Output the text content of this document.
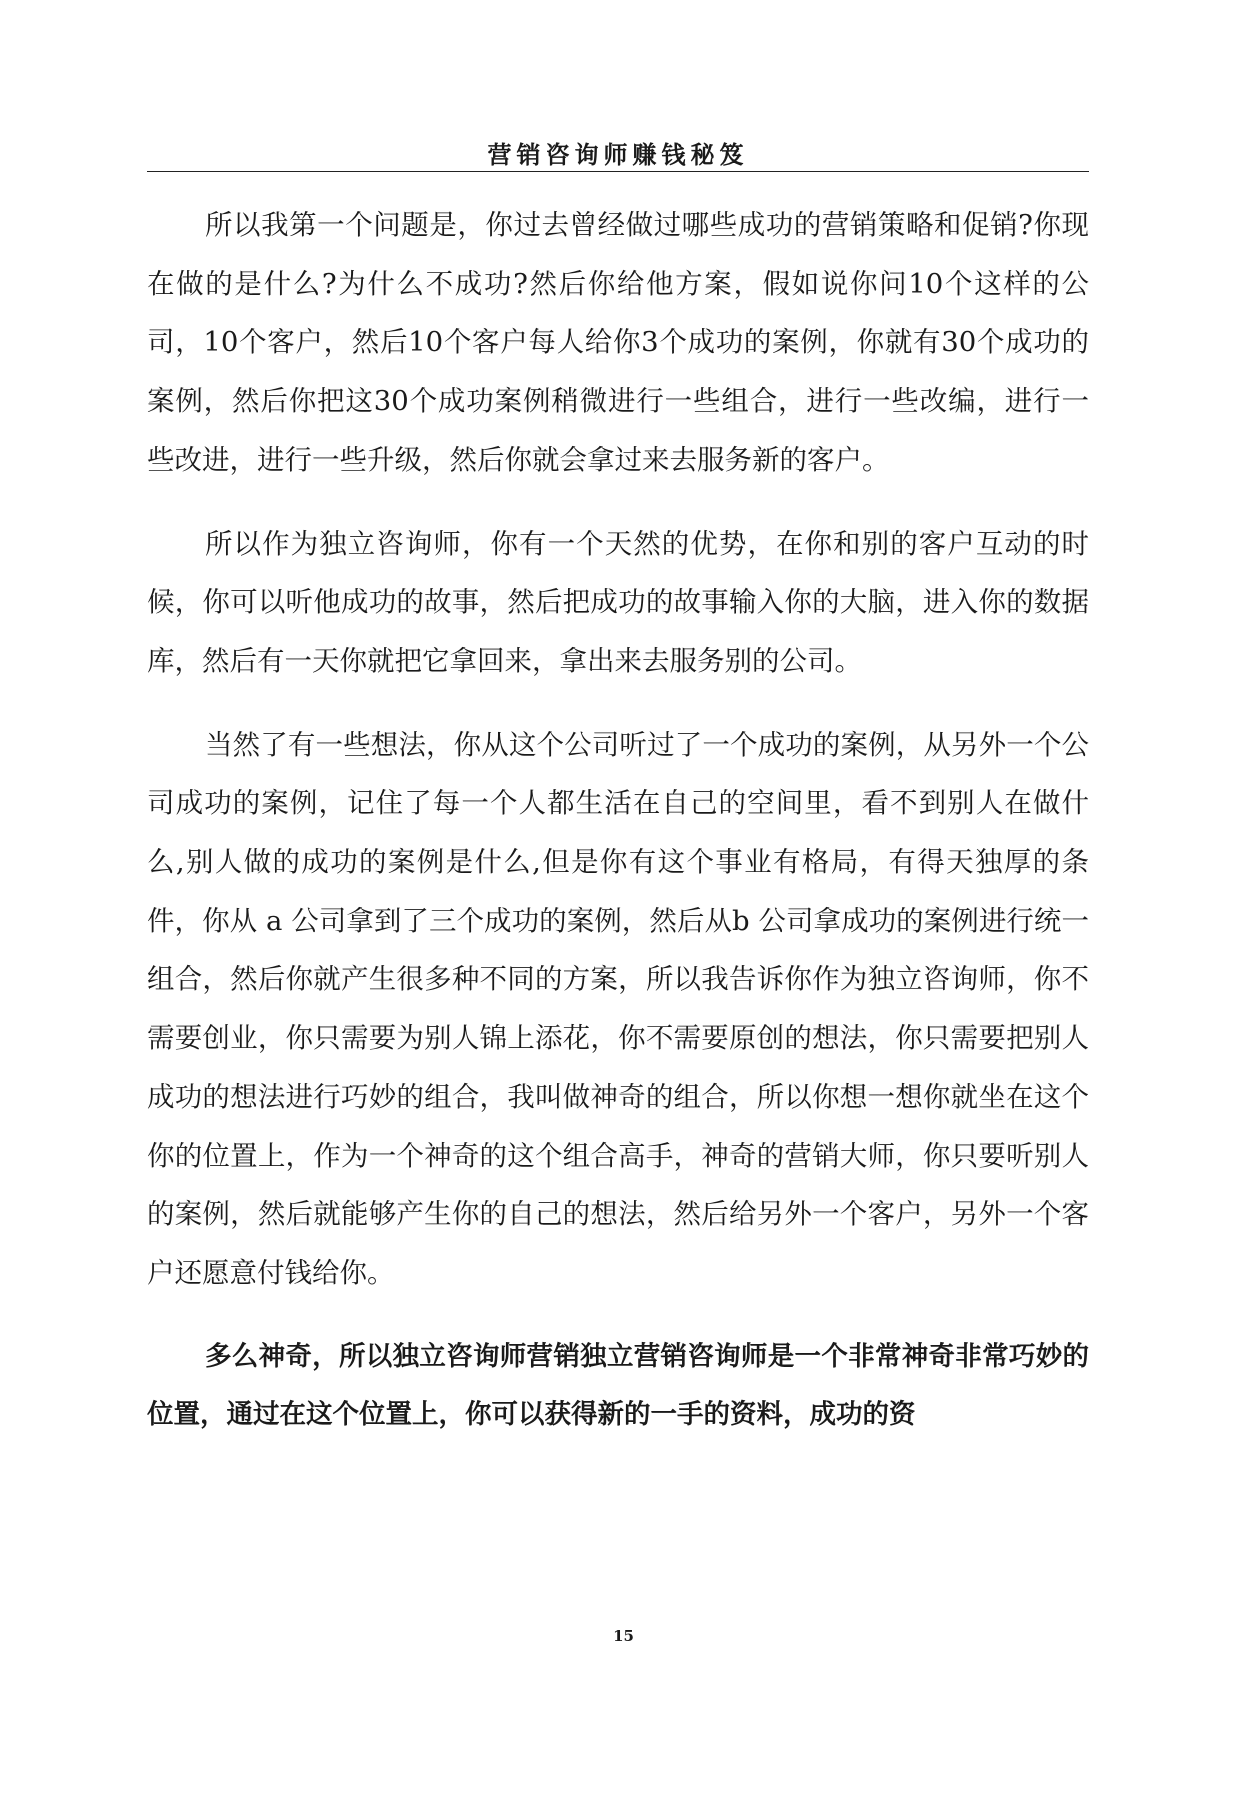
营销咨询师赚钱秘笈

所以我第一个问题是，你过去曾经做过哪些成功的营销策略和促销?你现在做的是什么?为什么不成功?然后你给他方案，假如说你问10个这样的公司，10个客户，然后10个客户每人给你3个成功的案例，你就有30个成功的案例，然后你把这30个成功案例稍微进行一些组合，进行一些改编，进行一些改进，进行一些升级，然后你就会拿过来去服务新的客户。

所以作为独立咨询师，你有一个天然的优势，在你和别的客户互动的时候，你可以听他成功的故事，然后把成功的故事输入你的大脑，进入你的数据库，然后有一天你就把它拿回来，拿出来去服务别的公司。

当然了有一些想法，你从这个公司听过了一个成功的案例，从另外一个公司成功的案例，记住了每一个人都生活在自己的空间里，看不到别人在做什么,别人做的成功的案例是什么,但是你有这个事业有格局，有得天独厚的条件，你从 a 公司拿到了三个成功的案例，然后从b 公司拿成功的案例进行统一组合，然后你就产生很多种不同的方案，所以我告诉你作为独立咨询师，你不需要创业，你只需要为别人锦上添花，你不需要原创的想法，你只需要把别人成功的想法进行巧妙的组合，我叫做神奇的组合，所以你想一想你就坐在这个你的位置上，作为一个神奇的这个组合高手，神奇的营销大师，你只要听别人的案例，然后就能够产生你的自己的想法，然后给另外一个客户，另外一个客户还愿意付钱给你。

多么神奇，所以独立咨询师营销独立营销咨询师是一个非常神奇非常巧妙的位置，通过在这个位置上，你可以获得新的一手的资料，成功的资

15
